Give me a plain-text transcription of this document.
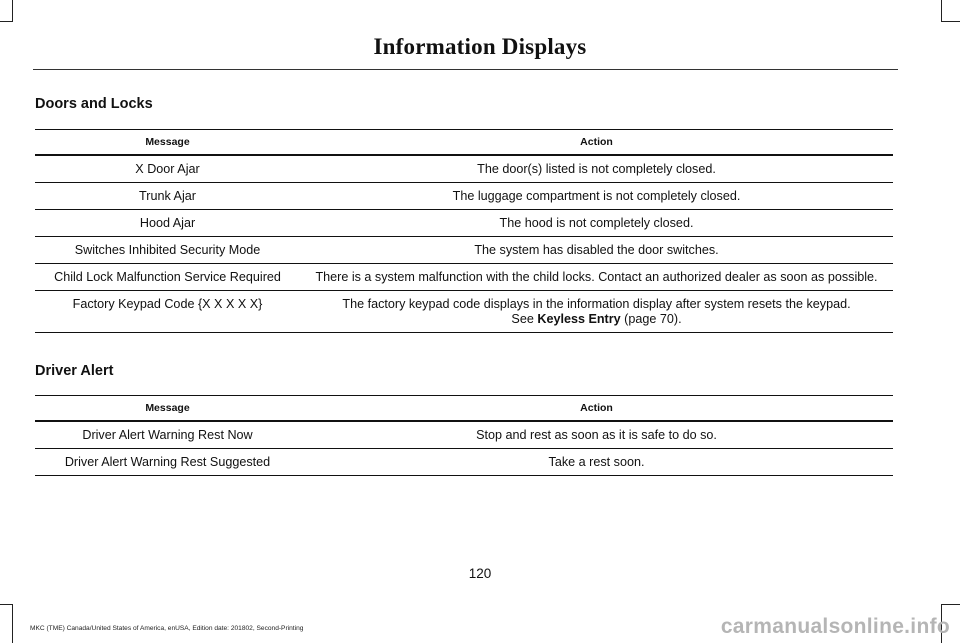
Information Displays
Doors and Locks
Message	Action
X Door Ajar	The door(s) listed is not completely closed.
Trunk Ajar	The luggage compartment is not completely closed.
Hood Ajar	The hood is not completely closed.
Switches Inhibited Security Mode	The system has disabled the door switches.
Child Lock Malfunction Service Required	There is a system malfunction with the child locks. Contact an authorized dealer as soon as possible.
Factory Keypad Code {X X X X X}	The factory keypad code displays in the information display after system resets the keypad.
See Keyless Entry (page 70).
Driver Alert
Message	Action
Driver Alert Warning Rest Now	Stop and rest as soon as it is safe to do so.
Driver Alert Warning Rest Suggested	Take a rest soon.
120
MKC (TME) Canada/United States of America, enUSA, Edition date: 201802, Second-Printing	carmanualsonline.info
